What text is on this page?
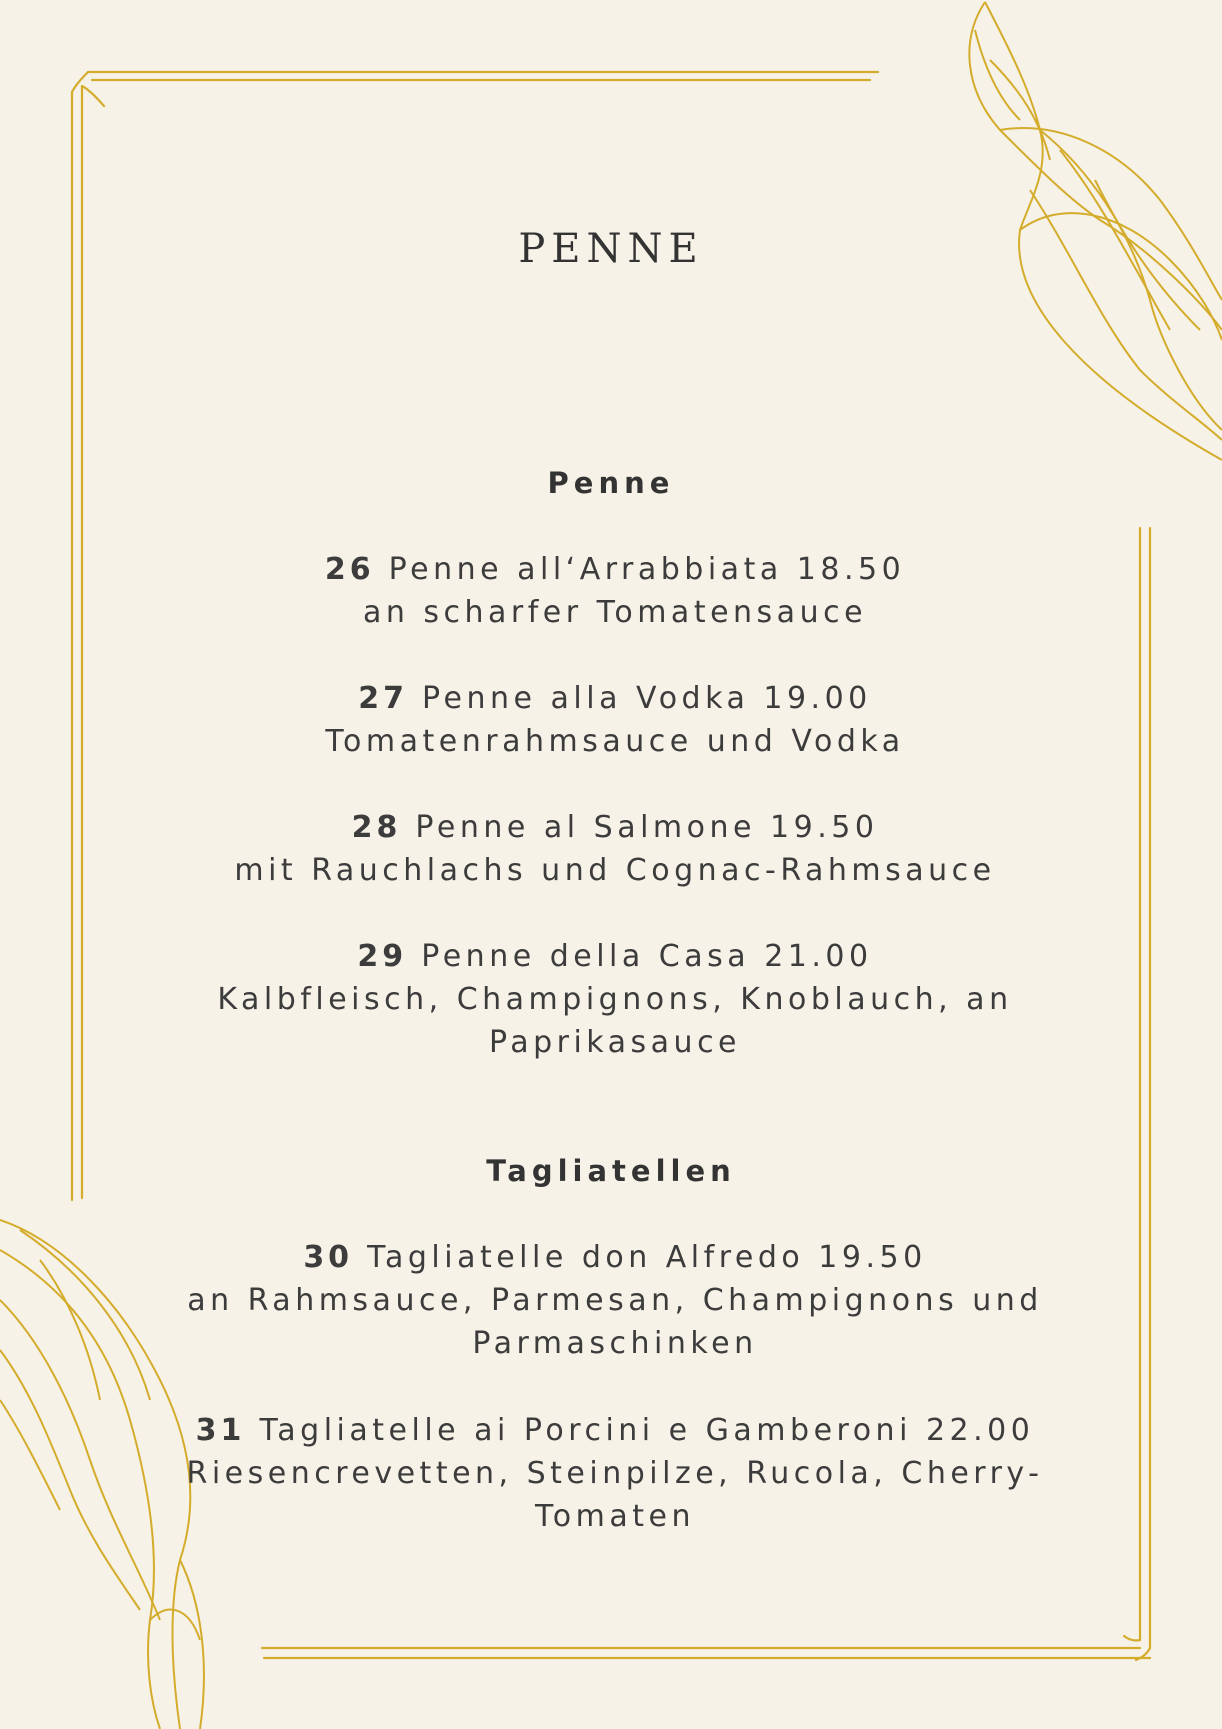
PENNE
Penne
26 Penne all‘Arrabbiata 18.50
an scharfer Tomatensauce
27 Penne alla Vodka 19.00
Tomatenrahmsauce und Vodka
28 Penne al Salmone 19.50
mit Rauchlachs und Cognac-Rahmsauce
29 Penne della Casa 21.00
Kalbfleisch, Champignons, Knoblauch, an Paprikasauce
Tagliatellen
30 Tagliatelle don Alfredo 19.50
an Rahmsauce, Parmesan, Champignons und Parmaschinken
31 Tagliatelle ai Porcini e Gamberoni 22.00
Riesencrevetten, Steinpilze, Rucola, Cherry-Tomaten
